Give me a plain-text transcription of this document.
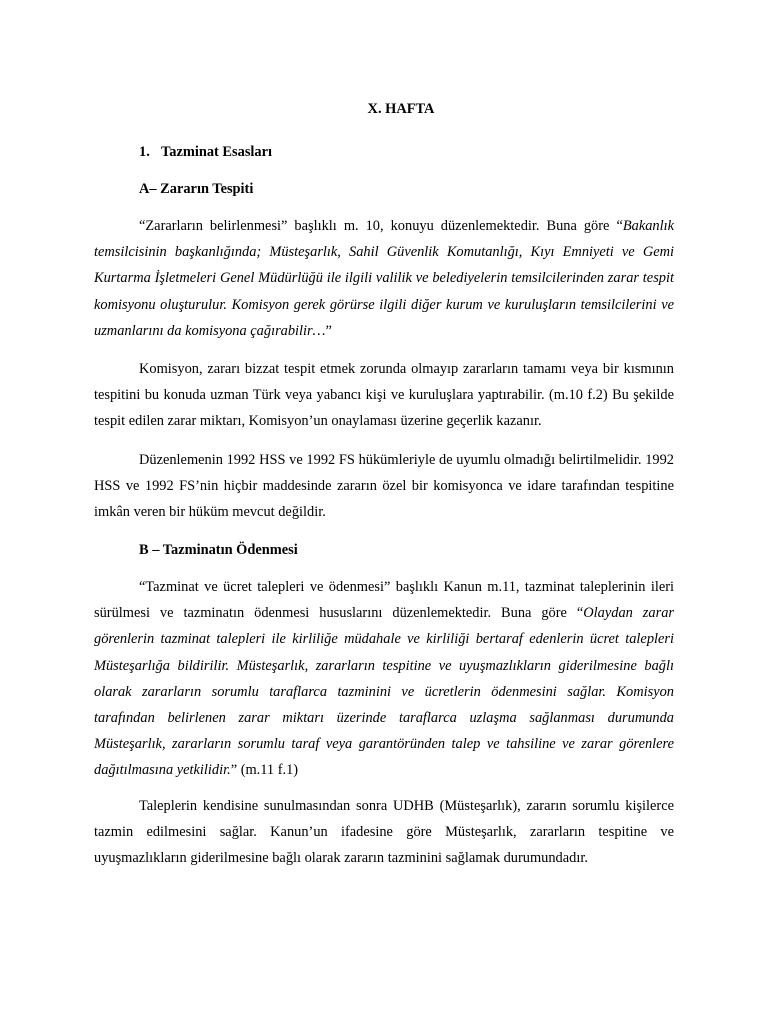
X. HAFTA
1. Tazminat Esasları
A– Zararın Tespiti

“Zararların belirlenmesi” başlıklı m. 10, konuyu düzenlemektedir. Buna göre “Bakanlık temsilcisinin başkanlığında; Müsteşarlık, Sahil Güvenlik Komutanlığı, Kıyı Emniyeti ve Gemi Kurtarma İşletmeleri Genel Müdürlüğü ile ilgili valilik ve belediyelerin temsilcilerinden zarar tespit komisyonu oluşturulur. Komisyon gerek görürse ilgili diğer kurum ve kuruluşların temsilcilerini ve uzmanlarını da komisyona çağırabilir…”

Komisyon, zararı bizzat tespit etmek zorunda olmayıp zararların tamamı veya bir kısmının tespitini bu konuda uzman Türk veya yabancı kişi ve kuruluşlara yaptırabilir. (m.10 f.2) Bu şekilde tespit edilen zarar miktarı, Komisyon’un onaylaması üzerine geçerlik kazanır.

Düzenlemenin 1992 HSS ve 1992 FS hükümleriyle de uyumlu olmadığı belirtilmelidir. 1992 HSS ve 1992 FS’nin hiçbir maddesinde zararın özel bir komisyonca ve idare tarafından tespitine imkân veren bir hüküm mevcut değildir.

B – Tazminatın Ödenmesi

“Tazminat ve ücret talepleri ve ödenmesi” başlıklı Kanun m.11, tazminat taleplerinin ileri sürülmesi ve tazminatın ödenmesi hususlarını düzenlemektedir. Buna göre “Olaydan zarar görenlerin tazminat talepleri ile kirliliğe müdahale ve kirliliği bertaraf edenlerin ücret talepleri Müsteşarlığa bildirilir. Müsteşarlık, zararların tespitine ve uyuşmazlıkların giderilmesine bağlı olarak zararların sorumlu taraflarca tazminini ve ücretlerin ödenmesini sağlar. Komisyon tarafından belirlenen zarar miktarı üzerinde taraflarca uzlaşma sağlanması durumunda Müsteşarlık, zararların sorumlu taraf veya garantöründen talep ve tahsiline ve zarar görenlere dağıtılmasına yetkilidir.” (m.11 f.1)

Taleplerin kendisine sunulmasından sonra UDHB (Müsteşarlık), zararın sorumlu kişilerce tazmin edilmesini sağlar. Kanun’un ifadesine göre Müsteşarlık, zararların tespitine ve uyuşmazlıkların giderilmesine bağlı olarak zararın tazminini sağlamak durumundadır.
